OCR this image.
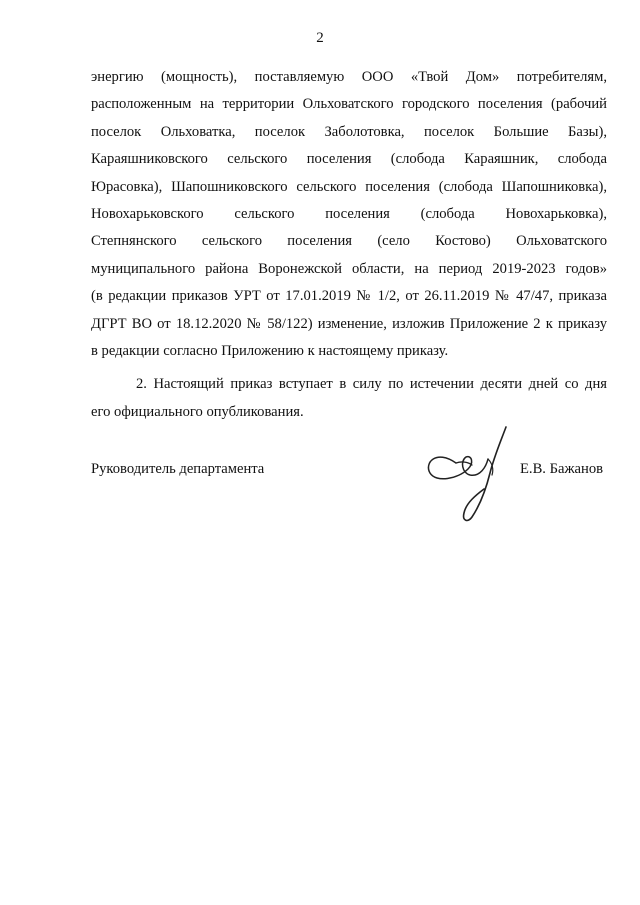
2
энергию (мощность), поставляемую ООО «Твой Дом» потребителям,
расположенным на территории Ольховатского городского поселения (рабочий
поселок Ольховатка, поселок Заболотовка, поселок Большие Базы),
Караяшниковского сельского поселения (слобода Караяшник, слобода
Юрасовка), Шапошниковского сельского поселения (слобода Шапошниковка),
Новохарьковского сельского поселения (слобода Новохарьковка),
Степнянского сельского поселения (село Костово) Ольховатского
муниципального района Воронежской области, на период 2019-2023 годов»
(в редакции приказов УРТ от 17.01.2019 № 1/2, от 26.11.2019 № 47/47, приказа
ДГРТ ВО от 18.12.2020 № 58/122) изменение, изложив Приложение 2 к приказу
в редакции согласно Приложению к настоящему приказу.
2. Настоящий приказ вступает в силу по истечении десяти дней со дня
его официального опубликования.
Руководитель департамента	Е.В. Бажанов
